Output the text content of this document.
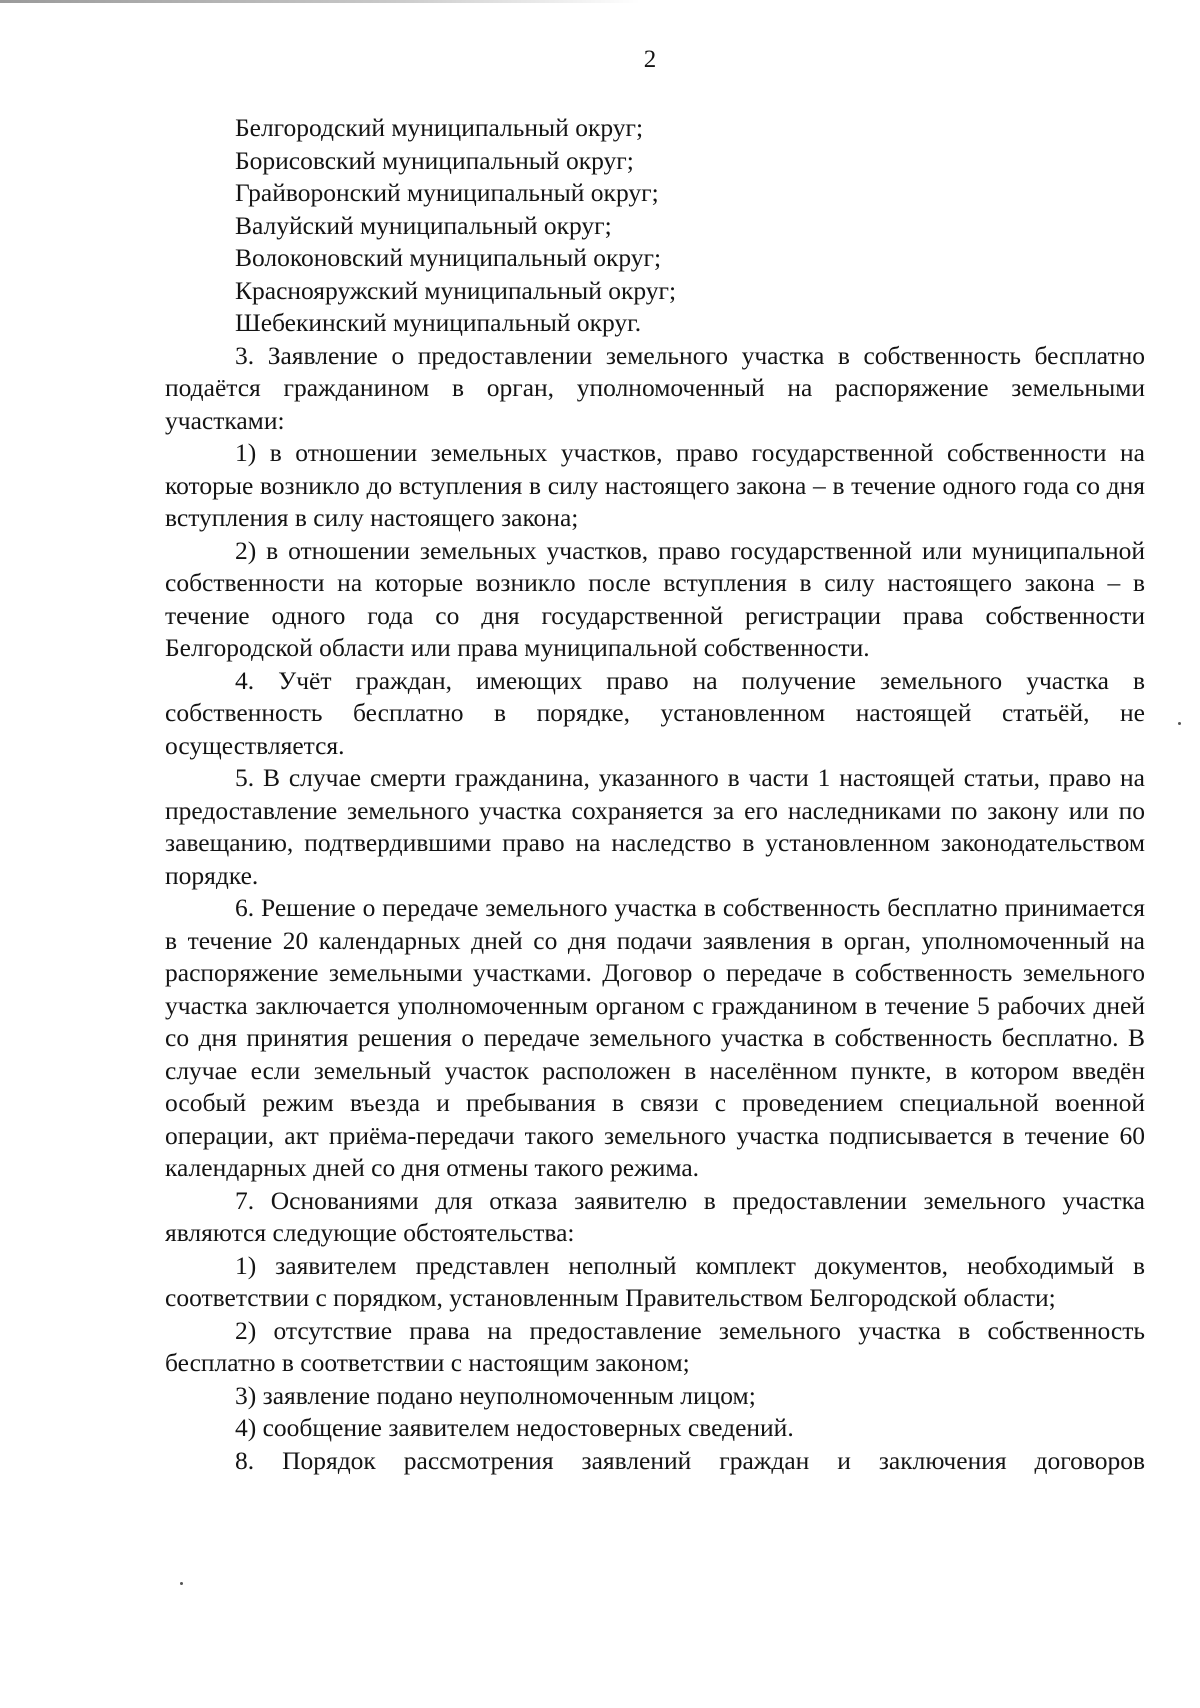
2
Белгородский муниципальный округ;
Борисовский муниципальный округ;
Грайворонский муниципальный округ;
Валуйский муниципальный округ;
Волоконовский муниципальный округ;
Краснояружский муниципальный округ;
Шебекинский муниципальный округ.

3. Заявление о предоставлении земельного участка в собственность бесплатно подаётся гражданином в орган, уполномоченный на распоряжение земельными участками:

1) в отношении земельных участков, право государственной собственности на которые возникло до вступления в силу настоящего закона – в течение одного года со дня вступления в силу настоящего закона;

2) в отношении земельных участков, право государственной или муниципальной собственности на которые возникло после вступления в силу настоящего закона – в течение одного года со дня государственной регистрации права собственности Белгородской области или права муниципальной собственности.

4. Учёт граждан, имеющих право на получение земельного участка в собственность бесплатно в порядке, установленном настоящей статьёй, не осуществляется.

5. В случае смерти гражданина, указанного в части 1 настоящей статьи, право на предоставление земельного участка сохраняется за его наследниками по закону или по завещанию, подтвердившими право на наследство в установленном законодательством порядке.

6. Решение о передаче земельного участка в собственность бесплатно принимается в течение 20 календарных дней со дня подачи заявления в орган, уполномоченный на распоряжение земельными участками. Договор о передаче в собственность земельного участка заключается уполномоченным органом с гражданином в течение 5 рабочих дней со дня принятия решения о передаче земельного участка в собственность бесплатно. В случае если земельный участок расположен в населённом пункте, в котором введён особый режим въезда и пребывания в связи с проведением специальной военной операции, акт приёма-передачи такого земельного участка подписывается в течение 60 календарных дней со дня отмены такого режима.

7. Основаниями для отказа заявителю в предоставлении земельного участка являются следующие обстоятельства:

1) заявителем представлен неполный комплект документов, необходимый в соответствии с порядком, установленным Правительством Белгородской области;

2) отсутствие права на предоставление земельного участка в собственность бесплатно в соответствии с настоящим законом;

3) заявление подано неуполномоченным лицом;

4) сообщение заявителем недостоверных сведений.

8. Порядок рассмотрения заявлений граждан и заключения договоров
